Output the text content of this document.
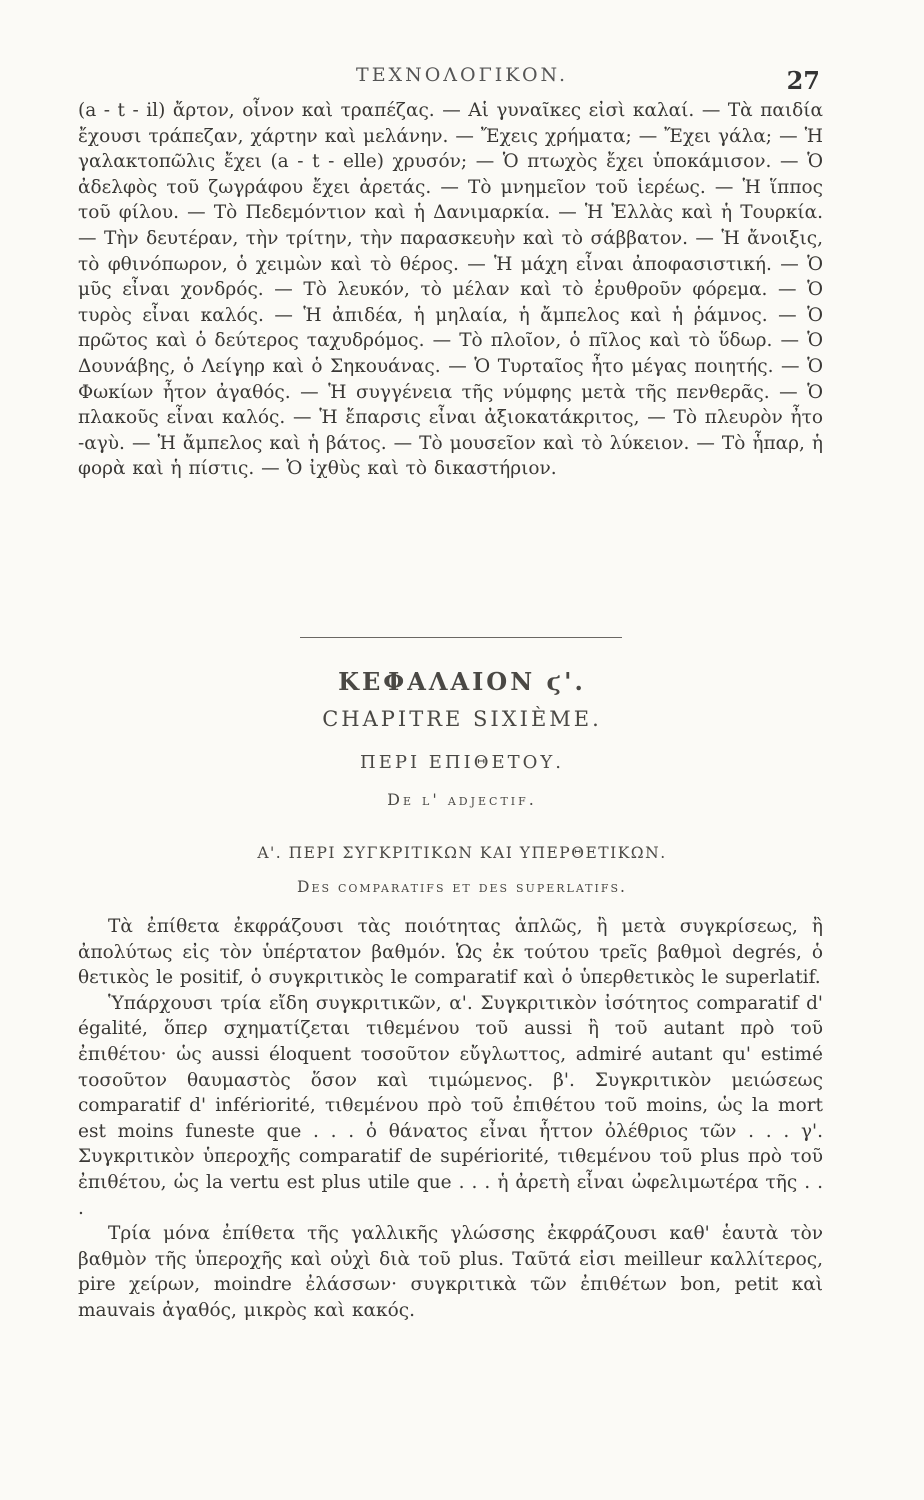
TEXNOΛOΓIKON.	27

(a - t - il) ἄρτον, οἶνον καὶ τραπέζας. — Αἱ γυναῖκες εἰσὶ καλαί. — Τὰ παιδία ἔχουσι τράπεζαν, χάρτην καὶ μελάνην. — Ἔχεις χρήματα; — Ἔχει γάλα; — Ἡ γαλακτοπῶλις ἔχει (a - t - elle) χρυσόν; — Ὁ πτωχὸς ἔχει ὑποκάμισον. — Ὁ ἀδελφὸς τοῦ ζωγράφου ἔχει ἀρετάς. — Τὸ μνημεῖον τοῦ ἱερέως. — Ἡ ἵππος τοῦ φίλου. — Τὸ Πεδεμόντιον καὶ ἡ Δανιμαρκία. — Ἡ Ἑλλὰς καὶ ἡ Τουρκία. — Τὴν δευτέραν, τὴν τρίτην, τὴν παρασκευὴν καὶ τὸ σάββατον. — Ἡ ἄνοιξις, τὸ φθινόπωρον, ὁ χειμὼν καὶ τὸ θέρος. — Ἡ μάχη εἶναι ἀποφασιστική. — Ὁ μῦς εἶναι χονδρός. — Τὸ λευκόν, τὸ μέλαν καὶ τὸ ἐρυθροῦν φόρεμα. — Ὁ τυρὸς εἶναι καλός. — Ἡ ἀπιδέα, ἡ μηλαία, ἡ ἄμπελος καὶ ἡ ῥάμνος. — Ὁ πρῶτος καὶ ὁ δεύτερος ταχυδρόμος. — Τὸ πλοῖον, ὁ πῖλος καὶ τὸ ὕδωρ. — Ὁ Δουνάβης, ὁ Λείγηρ καὶ ὁ Σηκουάνας. — Ὁ Τυρταῖος ἦτο μέγας ποιητής. — Ὁ Φωκίων ἦτον ἀγαθός. — Ἡ συγγένεια τῆς νύμφης μετὰ τῆς πενθερᾶς. — Ὁ πλακοῦς εἶναι καλός. — Ἡ ἔπαρσις εἶναι ἀξιοκατάκριτος, — Τὸ πλευρὸν ἦτο -αγὺ. — Ἡ ἄμπελος καὶ ἡ βάτος. — Τὸ μουσεῖον καὶ τὸ λύκειον. — Τὸ ἧπαρ, ἡ φορὰ καὶ ἡ πίστις. — Ὁ ἰχθὺς καὶ τὸ δικαστήριον.

ΚΕΦΑΛΑΙΟΝ ϛ'.
CHAPITRE SIXIÈME.
ΠΕΡΙ ΕΠΙΘΕΤΟΥ.
De l' adjectif.
Α'. ΠΕΡΙ ΣΥΓΚΡΙΤΙΚΩΝ ΚΑΙ ΥΠΕΡΘΕΤΙΚΩΝ.
Des comparatifs et des superlatifs.

Τὰ ἐπίθετα ἐκφράζουσι τὰς ποιότητας ἁπλῶς, ἢ μετὰ συγκρίσεως, ἢ ἀπολύτως εἰς τὸν ὑπέρτατον βαθμόν. Ὡς ἐκ τούτου τρεῖς βαθμοὶ degrés, ὁ θετικὸς le positif, ὁ συγκριτικὸς le comparatif καὶ ὁ ὑπερθετικὸς le superlatif.

Ὑπάρχουσι τρία εἴδη συγκριτικῶν, α'. Συγκριτικὸν ἰσότητος comparatif d' égalité, ὅπερ σχηματίζεται τιθεμένου τοῦ aussi ἢ τοῦ autant πρὸ τοῦ ἐπιθέτου· ὡς aussi éloquent τοσοῦτον εὔγλωττος, admiré autant qu' estimé τοσοῦτον θαυμαστὸς ὅσον καὶ τιμώμενος. β'. Συγκριτικὸν μειώσεως comparatif d' infériorité, τιθεμένου πρὸ τοῦ ἐπιθέτου τοῦ moins, ὡς la mort est moins funeste que . . . ὁ θάνατος εἶναι ἧττον ὀλέθριος τῶν . . . γ'. Συγκριτικὸν ὑπεροχῆς comparatif de supériorité, τιθεμένου τοῦ plus πρὸ τοῦ ἐπιθέτου, ὡς la vertu est plus utile que . . . ἡ ἀρετὴ εἶναι ὠφελιμωτέρα τῆς . . .

Τρία μόνα ἐπίθετα τῆς γαλλικῆς γλώσσης ἐκφράζουσι καθ' ἑαυτὰ τὸν βαθμὸν τῆς ὑπεροχῆς καὶ οὐχὶ διὰ τοῦ plus. Ταῦτά εἰσι meilleur καλλίτερος, pire χείρων, moindre ἐλάσσων· συγκριτικὰ τῶν ἐπιθέτων bon, petit καὶ mauvais ἀγαθός, μικρὸς καὶ κακός.
